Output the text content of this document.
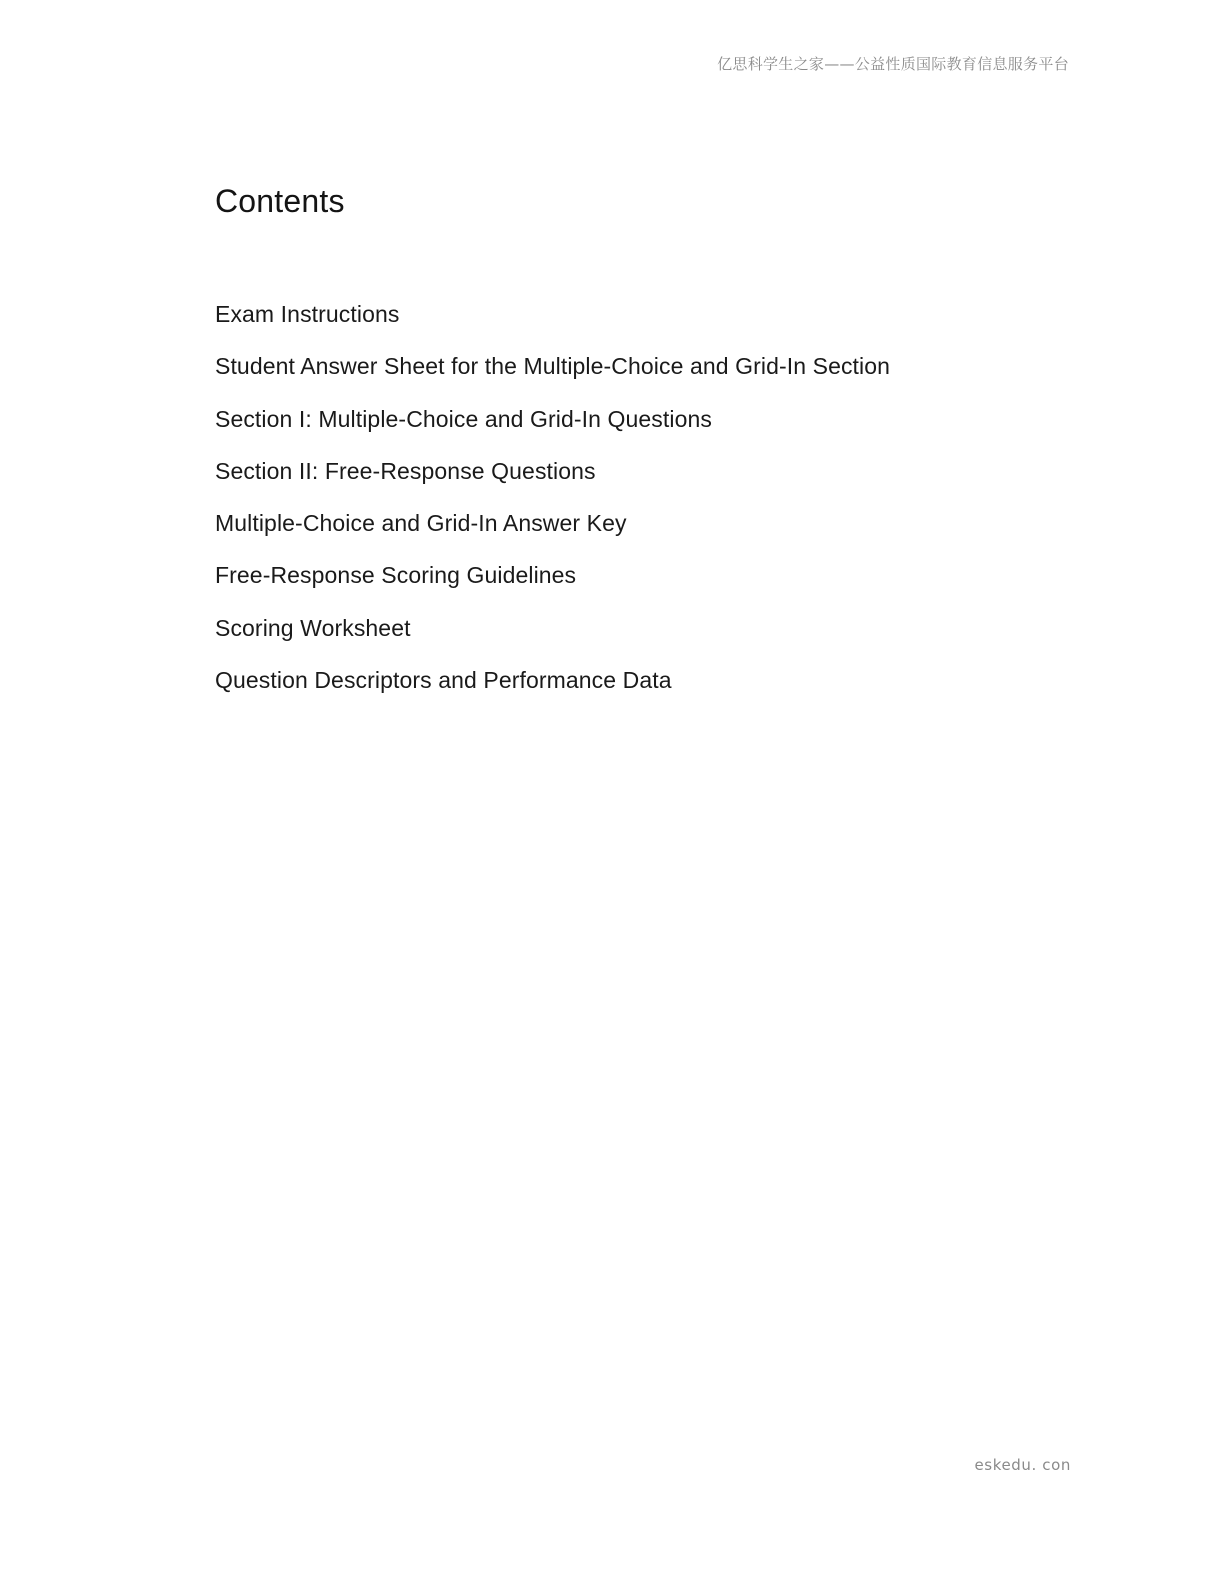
亿思科学生之家——公益性质国际教育信息服务平台
Contents
Exam Instructions
Student Answer Sheet for the Multiple-Choice and Grid-In Section
Section I: Multiple-Choice and Grid-In Questions
Section II: Free-Response Questions
Multiple-Choice and Grid-In Answer Key
Free-Response Scoring Guidelines
Scoring Worksheet
Question Descriptors and Performance Data
eskedu. con
